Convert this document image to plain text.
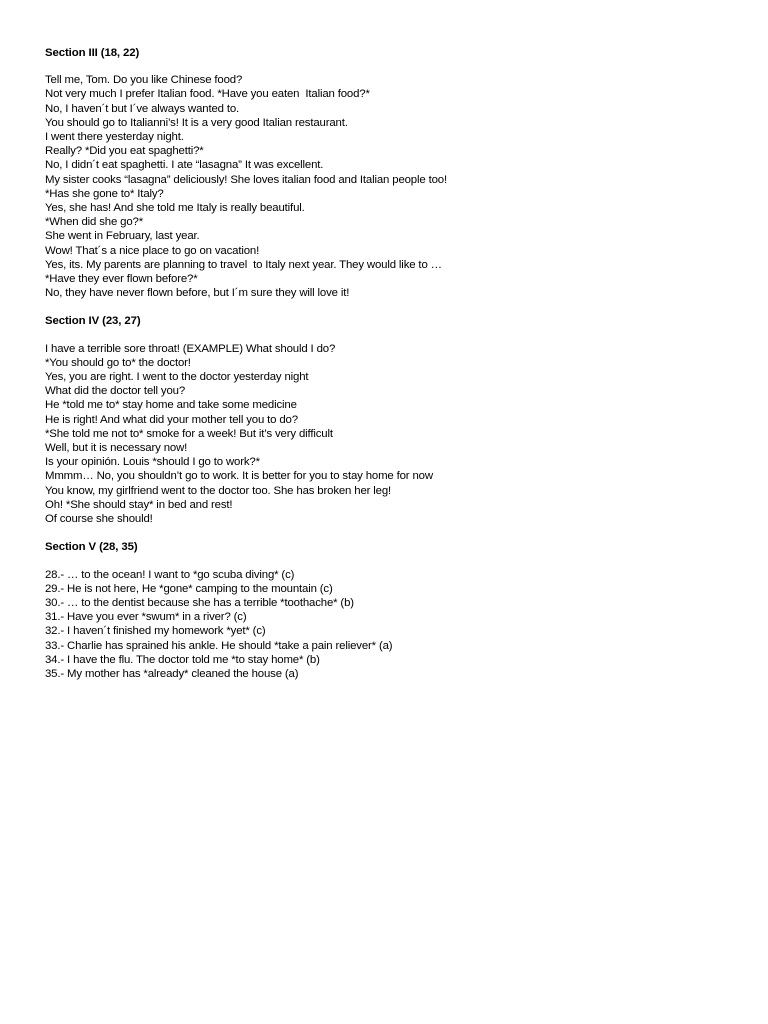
Section III (18, 22)
Tell me, Tom. Do you like Chinese food?
Not very much I prefer Italian food. *Have you eaten  Italian food?*
No, I haven´t but I´ve always wanted to.
You should go to Italianni’s! It is a very good Italian restaurant.
I went there yesterday night.
Really? *Did you eat spaghetti?*
No, I didn´t eat spaghetti. I ate “lasagna” It was excellent.
My sister cooks “lasagna” deliciously! She loves italian food and Italian people too!
*Has she gone to* Italy?
Yes, she has! And she told me Italy is really beautiful.
*When did she go?*
She went in February, last year.
Wow! That´s a nice place to go on vacation!
Yes, its. My parents are planning to travel  to Italy next year. They would like to …
*Have they ever flown before?*
No, they have never flown before, but I´m sure they will love it!
Section IV (23, 27)
I have a terrible sore throat! (EXAMPLE) What should I do?
*You should go to* the doctor!
Yes, you are right. I went to the doctor yesterday night
What did the doctor tell you?
He *told me to* stay home and take some medicine
He is right! And what did your mother tell you to do?
*She told me not to* smoke for a week! But it’s very difficult
Well, but it is necessary now!
Is your opinión. Louis *should I go to work?*
Mmmm… No, you shouldn’t go to work. It is better for you to stay home for now
You know, my girlfriend went to the doctor too. She has broken her leg!
Oh! *She should stay* in bed and rest!
Of course she should!
Section V (28, 35)
28.- … to the ocean! I want to *go scuba diving* (c)
29.- He is not here, He *gone* camping to the mountain (c)
30.- … to the dentist because she has a terrible *toothache* (b)
31.- Have you ever *swum* in a river? (c)
32.- I haven´t finished my homework *yet* (c)
33.- Charlie has sprained his ankle. He should *take a pain reliever* (a)
34.- I have the flu. The doctor told me *to stay home* (b)
35.- My mother has *already* cleaned the house (a)
